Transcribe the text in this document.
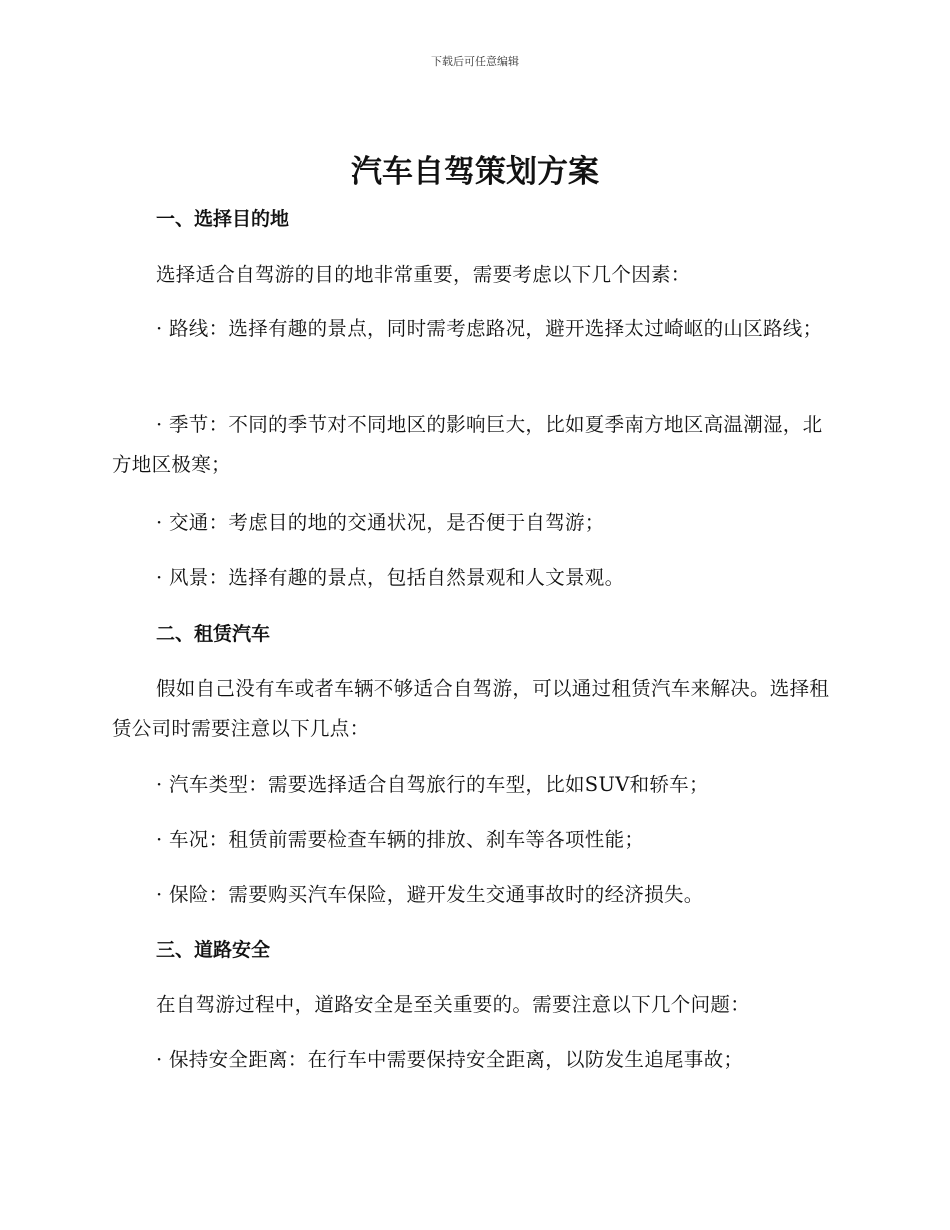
下载后可任意编辑
汽车自驾策划方案
一、选择目的地

选择适合自驾游的目的地非常重要，需要考虑以下几个因素：

· 路线：选择有趣的景点，同时需考虑路况，避开选择太过崎岖的山区路线；

· 季节：不同的季节对不同地区的影响巨大，比如夏季南方地区高温潮湿，北方地区极寒；

· 交通：考虑目的地的交通状况，是否便于自驾游；

· 风景：选择有趣的景点，包括自然景观和人文景观。

二、租赁汽车

假如自己没有车或者车辆不够适合自驾游，可以通过租赁汽车来解决。选择租赁公司时需要注意以下几点：

· 汽车类型：需要选择适合自驾旅行的车型，比如SUV和轿车；

· 车况：租赁前需要检查车辆的排放、刹车等各项性能；

· 保险：需要购买汽车保险，避开发生交通事故时的经济损失。

三、道路安全

在自驾游过程中，道路安全是至关重要的。需要注意以下几个问题：

· 保持安全距离：在行车中需要保持安全距离，以防发生追尾事故；
